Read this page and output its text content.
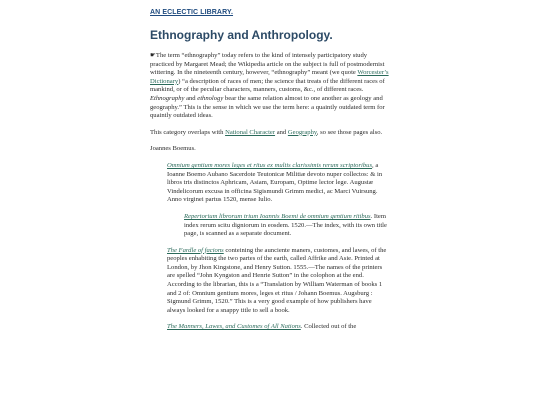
AN ECLECTIC LIBRARY.
Ethnography and Anthropology.

☛The term “ethnography” today refers to the kind of intensely participatory study practiced by Margaret Mead; the Wikipedia article on the subject is full of postmodernist wittering. In the nineteenth century, however, “ethnography” meant (we quote Worcester’s Dictionary) “a description of races of men; the science that treats of the different races of mankind, or of the peculiar characters, manners, customs, &c., of different races. Ethnography and ethnology bear the same relation almost to one another as geology and geography.” This is the sense in which we use the term here: a quaintly outdated term for quaintly outdated ideas.

This category overlaps with National Character and Geography, so see those pages also.

Joannes Boemus.

Omnium gentium mores leges et ritus ex multis clarissimis rerum scriptoribus, a Ioanne Boemo Aubano Sacerdote Teutonicæ Militiæ devoto nuper collectos: & in libros tris distinctos Aphricam, Asiam, Europam, Optime lector lege. Augustæ Vindelicorum excusa in officina Sigismundi Grimm medici, ac Marci Vuirsung. Anno virginei partus 1520, mense Iulio.

Repertorium librorum trium Ioannis Boemi de omnium gentium ritibus. Item index rerum scitu digniorum in eosdem. 1520.—The index, with its own title page, is scanned as a separate document.

The Fardle of facions conteining the aunciente maners, customes, and lawes, of the peoples enhabiting the two partes of the earth, called Affrike and Asie. Printed at London, by Jhon Kingstone, and Henry Sutton. 1555.—The names of the printers are spelled “John Kyngston and Henrie Sutton” in the colophon at the end. According to the librarian, this is a “Translation by William Waterman of books 1 and 2 of: Omnium gentium mores, leges et ritus / Johann Boemus. Augsburg : Sigmund Grimm, 1520.” This is a very good example of how publishers have always looked for a snappy title to sell a book.

The Manners, Lawes, and Customes of All Nations. Collected out of the
